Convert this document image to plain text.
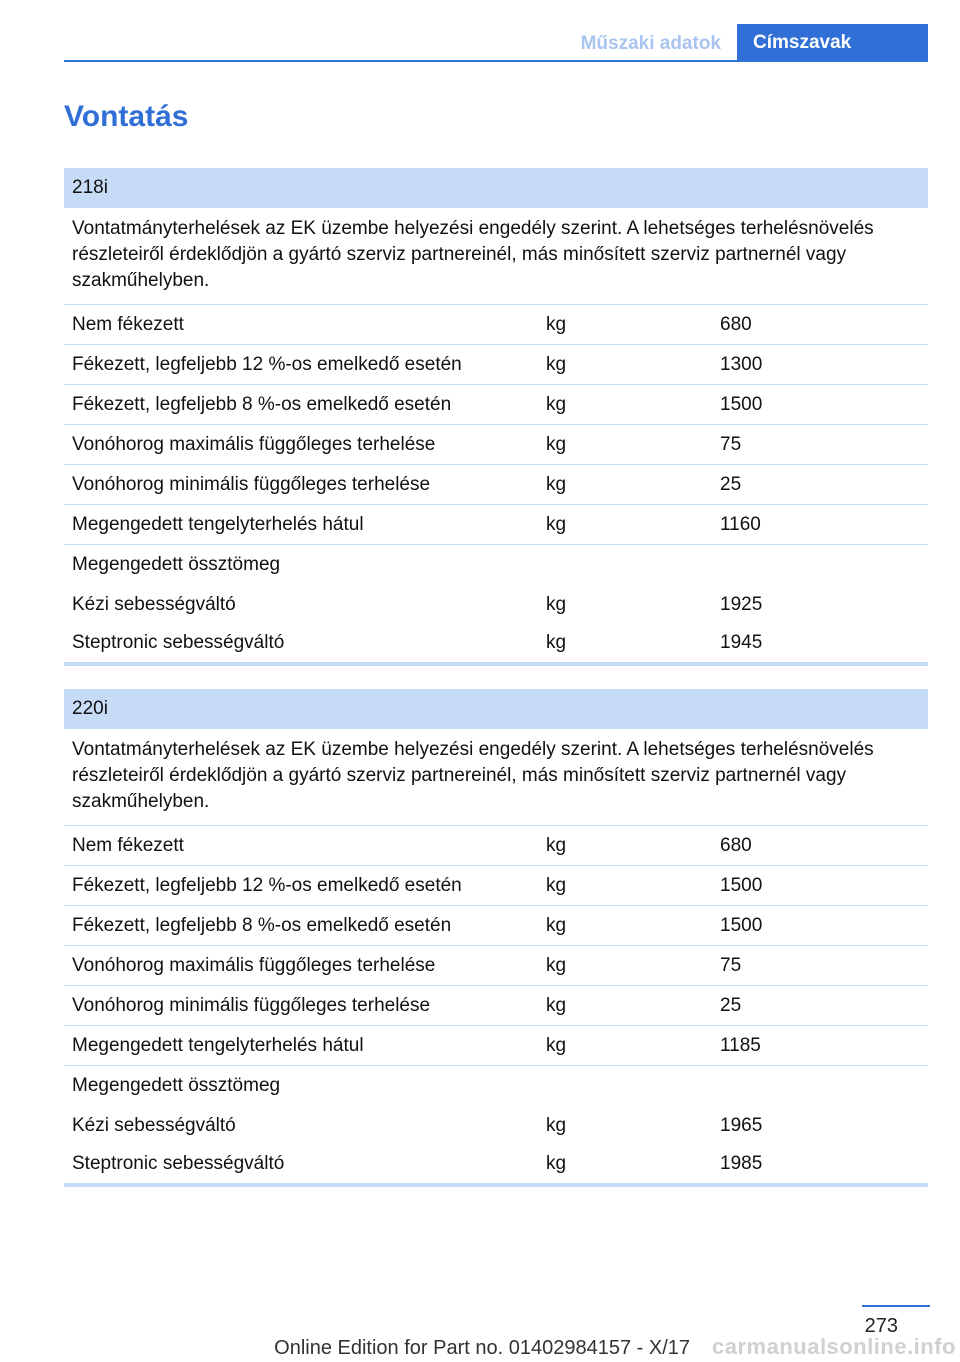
Műszaki adatok	Címszavak
Vontatás
218i
Vontatmányterhelések az EK üzembe helyezési engedély szerint. A lehetséges terhelésnövelés részleteiről érdeklődjön a gyártó szerviz partnereinél, más minősített szerviz partnernél vagy szakműhelyben.
Nem fékezett	kg	680
Fékezett, legfeljebb 12 %-os emelkedő esetén	kg	1300
Fékezett, legfeljebb 8 %-os emelkedő esetén	kg	1500
Vonóhorog maximális függőleges terhelése	kg	75
Vonóhorog minimális függőleges terhelése	kg	25
Megengedett tengelyterhelés hátul	kg	1160
Megengedett össztömeg
Kézi sebességváltó	kg	1925
Steptronic sebességváltó	kg	1945
220i
Vontatmányterhelések az EK üzembe helyezési engedély szerint. A lehetséges terhelésnövelés részleteiről érdeklődjön a gyártó szerviz partnereinél, más minősített szerviz partnernél vagy szakműhelyben.
Nem fékezett	kg	680
Fékezett, legfeljebb 12 %-os emelkedő esetén	kg	1500
Fékezett, legfeljebb 8 %-os emelkedő esetén	kg	1500
Vonóhorog maximális függőleges terhelése	kg	75
Vonóhorog minimális függőleges terhelése	kg	25
Megengedett tengelyterhelés hátul	kg	1185
Megengedett össztömeg
Kézi sebességváltó	kg	1965
Steptronic sebességváltó	kg	1985
273
Online Edition for Part no. 01402984157 - X/17 carmanualsonline.info
